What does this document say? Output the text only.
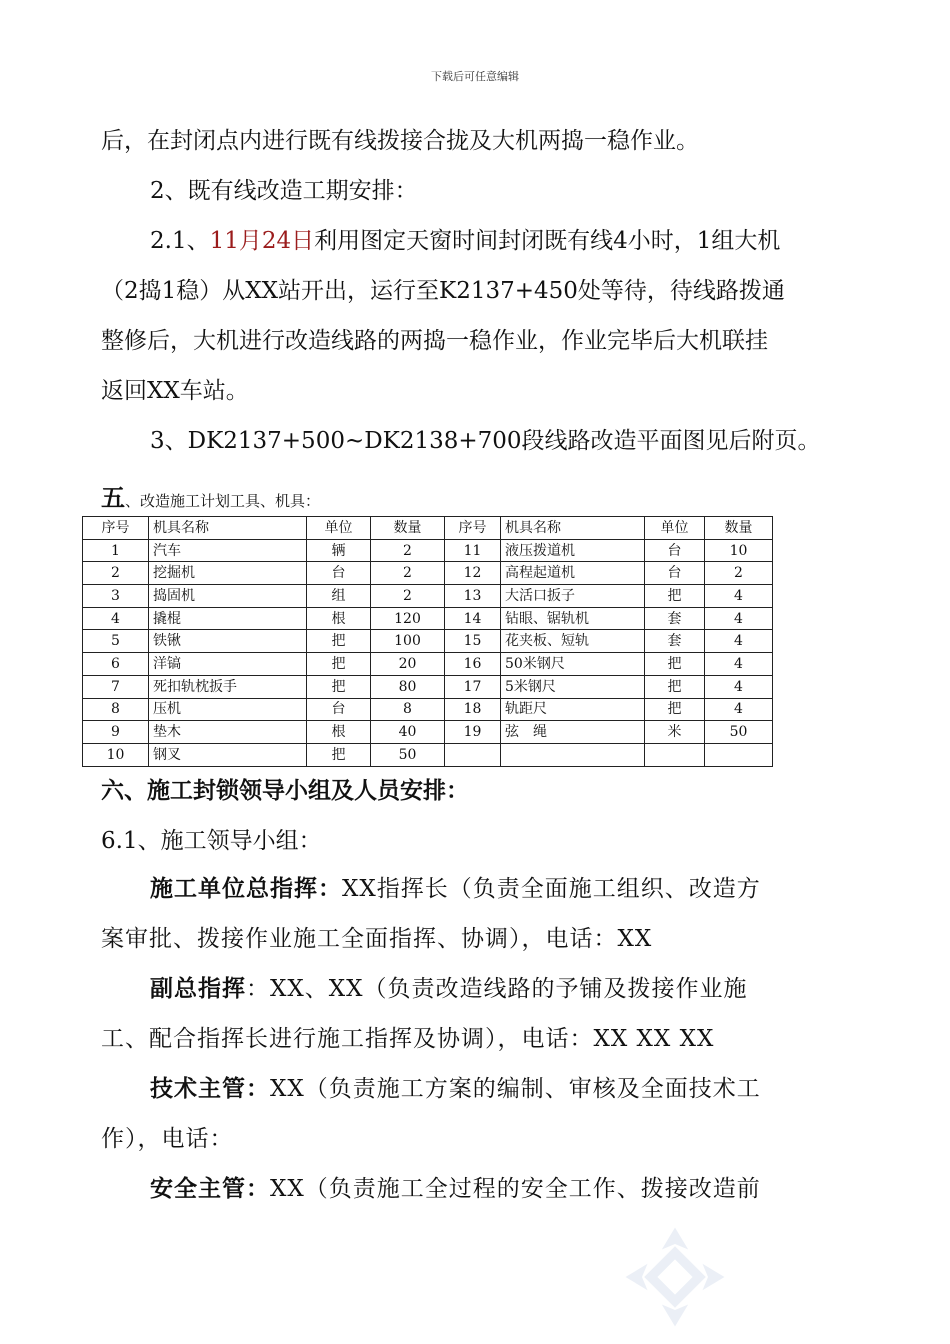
下载后可任意编辑
后，在封闭点内进行既有线拨接合拢及大机两捣一稳作业。
2、既有线改造工期安排：
2.1、11月24日利用图定天窗时间封闭既有线4小时，1组大机
（2捣1稳）从XX站开出，运行至K2137+450处等待，待线路拨通
整修后，大机进行改造线路的两捣一稳作业，作业完毕后大机联挂
返回XX车站。
3、DK2137+500~DK2138+700段线路改造平面图见后附页。
五、改造施工计划工具、机具：
序号	机具名称	单位	数量	序号	机具名称	单位	数量
1	汽车	辆	2	11	液压拨道机	台	10
2	挖掘机	台	2	12	高程起道机	台	2
3	捣固机	组	2	13	大活口扳子	把	4
4	撬棍	根	120	14	钻眼、锯轨机	套	4
5	铁锹	把	100	15	花夹板、短轨	套	4
6	洋镐	把	20	16	50米钢尺	把	4
7	死扣轨枕扳手	把	80	17	5米钢尺	把	4
8	压机	台	8	18	轨距尺	把	4
9	垫木	根	40	19	弦　绳	米	50
10	钢叉	把	50				
六、施工封锁领导小组及人员安排：
6.1、施工领导小组：
施工单位总指挥：XX指挥长（负责全面施工组织、改造方
案审批、拨接作业施工全面指挥、协调），电话：XX
副总指挥：XX、XX（负责改造线路的予铺及拨接作业施
工、配合指挥长进行施工指挥及协调），电话：XX XX XX
技术主管：XX（负责施工方案的编制、审核及全面技术工
作），电话：
安全主管：XX（负责施工全过程的安全工作、拨接改造前
